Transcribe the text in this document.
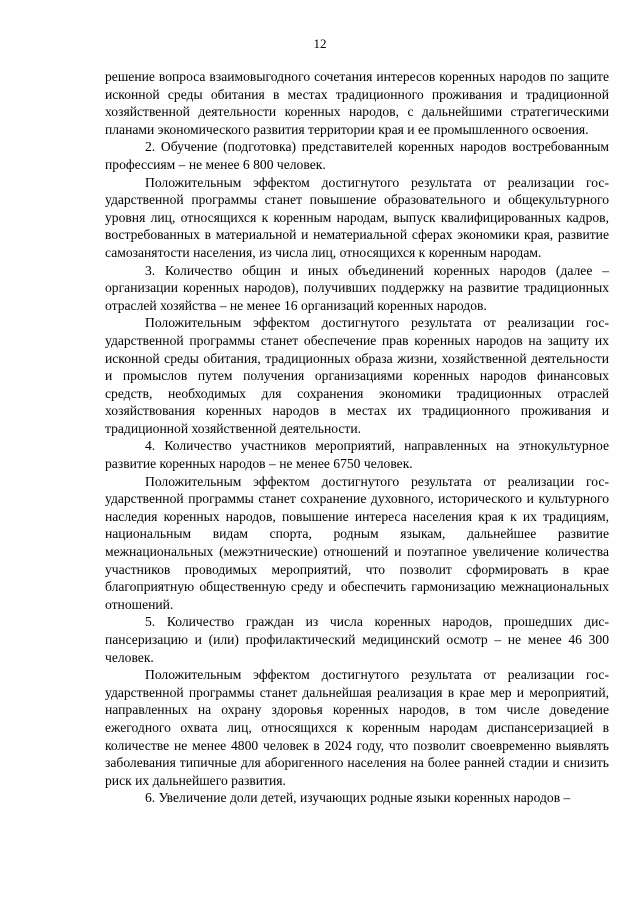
12

решение вопроса взаимовыгодного сочетания интересов коренных народов по защите исконной среды обитания в местах традиционного проживания и традиционной хозяйственной деятельности коренных народов, с дальнейшими стратегическими планами экономического развития территории края и ее промышленного освоения.

2. Обучение (подготовка) представителей коренных народов востребованным профессиям – не менее 6 800 человек.

Положительным эффектом достигнутого результата от реализации государственной программы станет повышение образовательного и общекультурного уровня лиц, относящихся к коренным народам, выпуск квалифицированных кадров, востребованных в материальной и нематериальной сферах экономики края, развитие самозанятости населения, из числа лиц, относящихся к коренным народам.

3. Количество общин и иных объединений коренных народов (далее – организации коренных народов), получивших поддержку на развитие традиционных отраслей хозяйства – не менее 16 организаций коренных народов.

Положительным эффектом достигнутого результата от реализации государственной программы станет обеспечение прав коренных народов на защиту их исконной среды обитания, традиционных образа жизни, хозяйственной деятельности и промыслов путем получения организациями коренных народов финансовых средств, необходимых для сохранения экономики традиционных отраслей хозяйствования коренных народов в местах их традиционного проживания и традиционной хозяйственной деятельности.

4. Количество участников мероприятий, направленных на этнокультурное развитие коренных народов – не менее 6750 человек.

Положительным эффектом достигнутого результата от реализации государственной программы станет сохранение духовного, исторического и культурного наследия коренных народов, повышение интереса населения края к их традициям, национальным видам спорта, родным языкам, дальнейшее развитие межнациональных (межэтнические) отношений и поэтапное увеличение количества участников проводимых мероприятий, что позволит сформировать в крае благоприятную общественную среду и обеспечить гармонизацию межнациональных отношений.

5. Количество граждан из числа коренных народов, прошедших диспансеризацию и (или) профилактический медицинский осмотр – не менее 46 300 человек.

Положительным эффектом достигнутого результата от реализации государственной программы станет дальнейшая реализация в крае мер и мероприятий, направленных на охрану здоровья коренных народов, в том числе доведение ежегодного охвата лиц, относящихся к коренным народам диспансеризацией в количестве не менее 4800 человек в 2024 году, что позволит своевременно выявлять заболевания типичные для аборигенного населения на более ранней стадии и снизить риск их дальнейшего развития.

6. Увеличение доли детей, изучающих родные языки коренных народов –
